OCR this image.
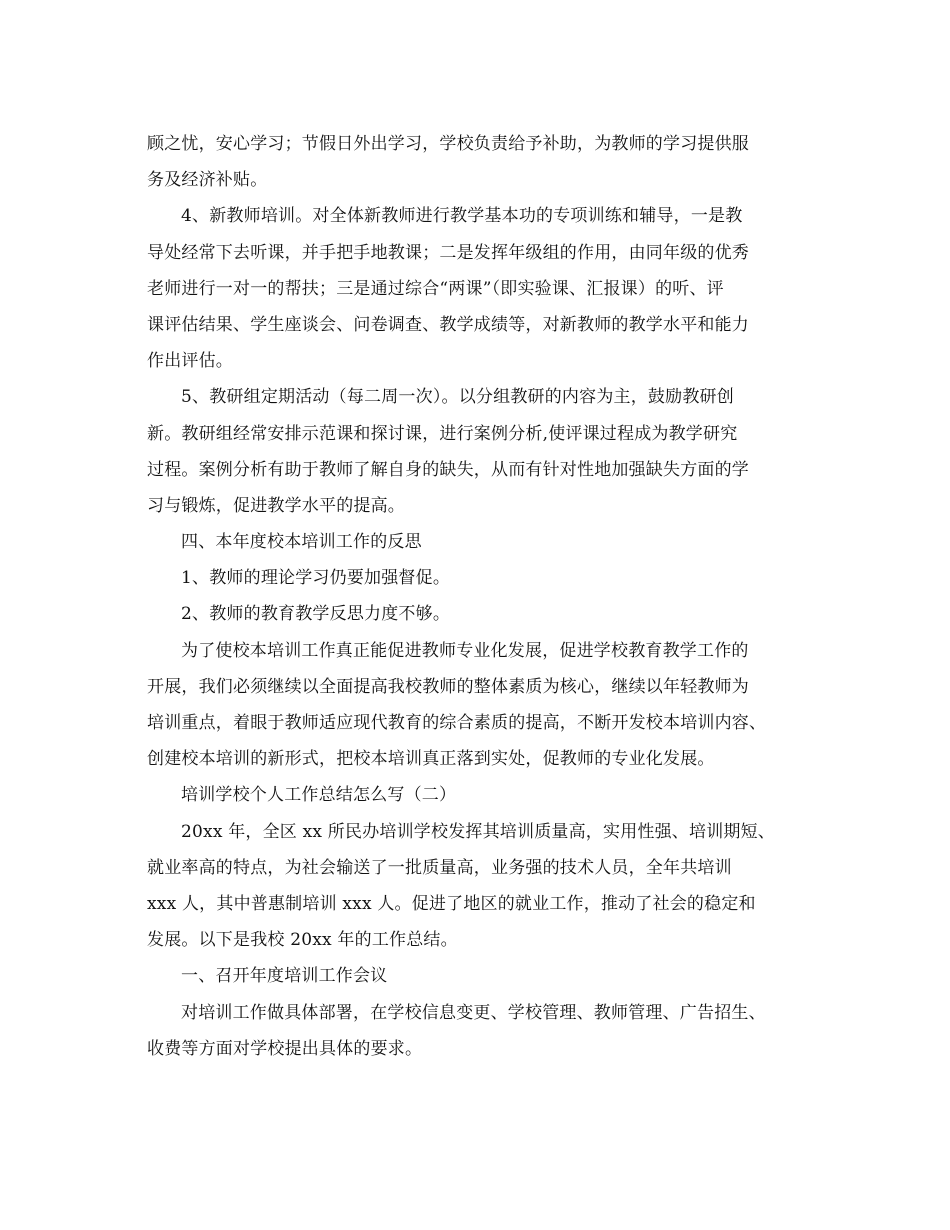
顾之忧，安心学习；节假日外出学习，学校负责给予补助，为教师的学习提供服
务及经济补贴。
4、新教师培训。对全体新教师进行教学基本功的专项训练和辅导，一是教
导处经常下去听课，并手把手地教课；二是发挥年级组的作用，由同年级的优秀
老师进行一对一的帮扶；三是通过综合“两课”（即实验课、汇报课）的听、评
课评估结果、学生座谈会、问卷调查、教学成绩等，对新教师的教学水平和能力
作出评估。
5、教研组定期活动（每二周一次）。以分组教研的内容为主，鼓励教研创
新。教研组经常安排示范课和探讨课，进行案例分析,使评课过程成为教学研究
过程。案例分析有助于教师了解自身的缺失，从而有针对性地加强缺失方面的学
习与锻炼，促进教学水平的提高。
四、本年度校本培训工作的反思
1、教师的理论学习仍要加强督促。
2、教师的教育教学反思力度不够。
为了使校本培训工作真正能促进教师专业化发展，促进学校教育教学工作的
开展，我们必须继续以全面提高我校教师的整体素质为核心，继续以年轻教师为
培训重点，着眼于教师适应现代教育的综合素质的提高，不断开发校本培训内容、
创建校本培训的新形式，把校本培训真正落到实处，促教师的专业化发展。
培训学校个人工作总结怎么写（二）
20xx 年，全区 xx 所民办培训学校发挥其培训质量高，实用性强、培训期短、
就业率高的特点，为社会输送了一批质量高，业务强的技术人员，全年共培训
xxx 人，其中普惠制培训 xxx 人。促进了地区的就业工作，推动了社会的稳定和
发展。以下是我校 20xx 年的工作总结。
一、召开年度培训工作会议
对培训工作做具体部署，在学校信息变更、学校管理、教师管理、广告招生、
收费等方面对学校提出具体的要求。
